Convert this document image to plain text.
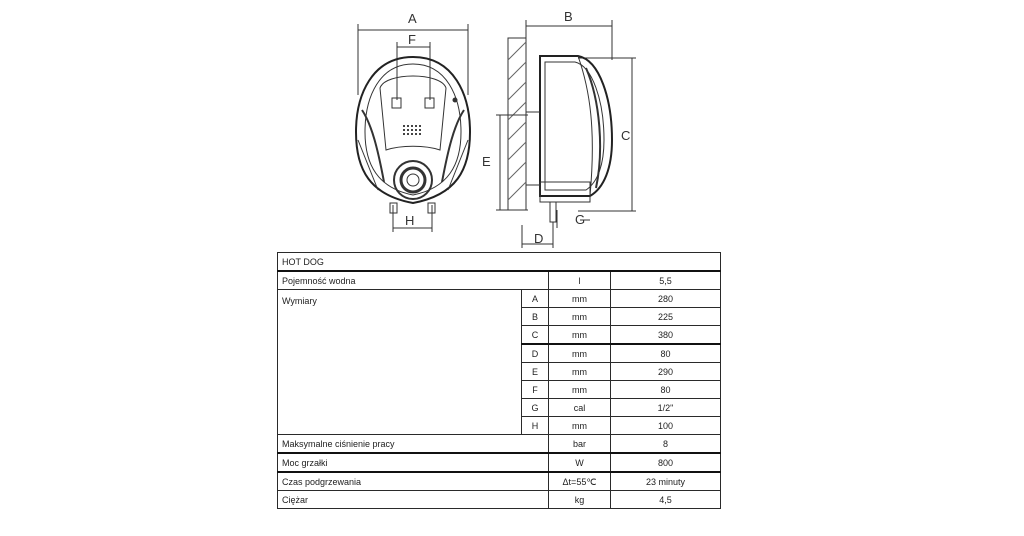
A
F
H
B
C
E
D
G
HOT DOG			
Pojemność wodna		l	5,5
Wymiary	A	mm	280
	B	mm	225
	C	mm	380
	D	mm	80
	E	mm	290
	F	mm	80
	G	cal	1/2"
	H	mm	100
Maksymalne ciśnienie pracy		bar	8
Moc grzałki		W	800
Czas podgrzewania		Δt=55℃	23 minuty
Ciężar		kg	4,5
